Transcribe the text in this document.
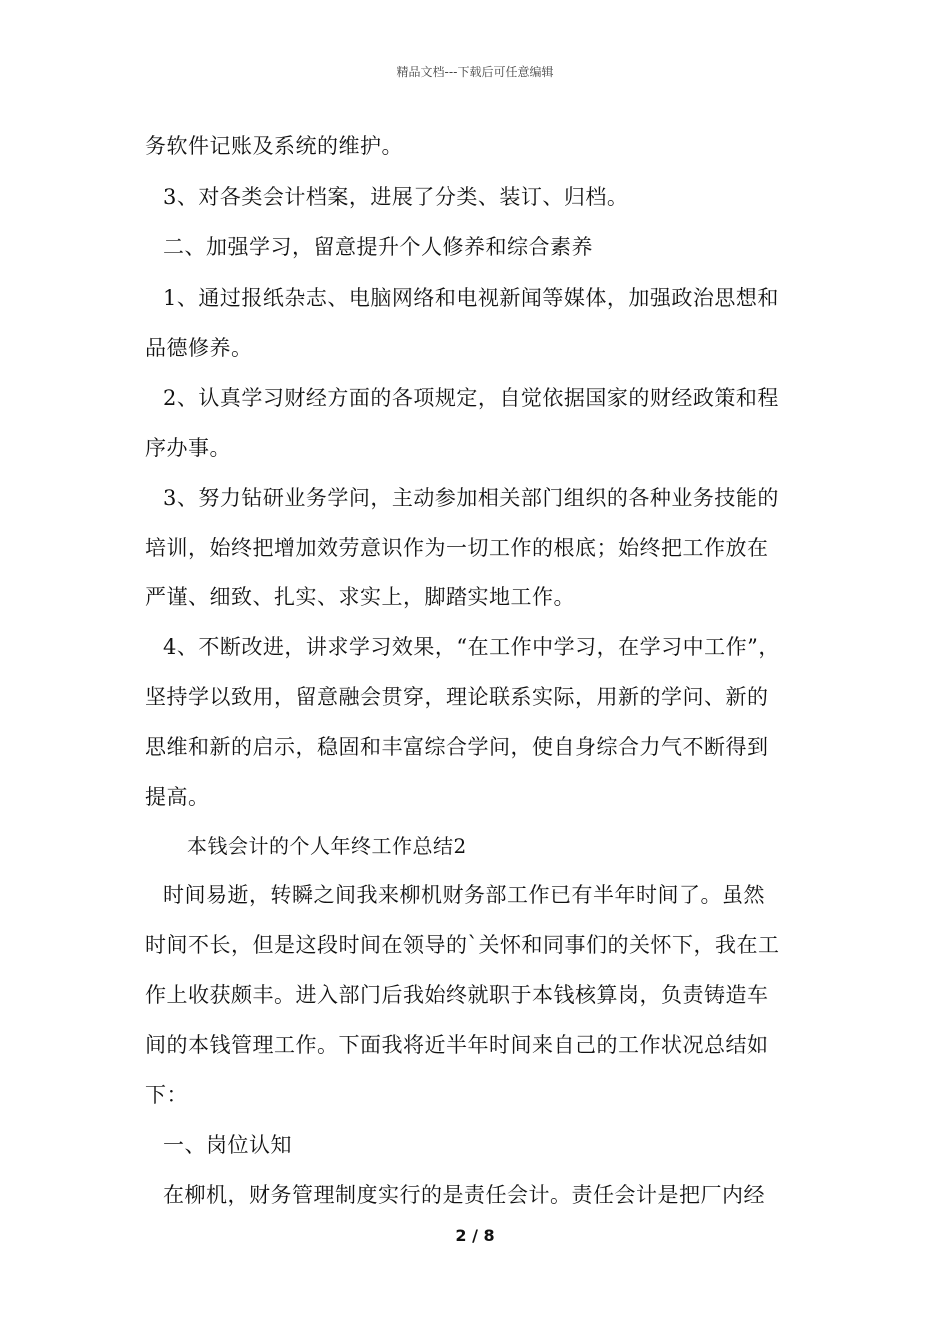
精品文档---下载后可任意编辑
务软件记账及系统的维护。
3、对各类会计档案，进展了分类、装订、归档。
二、加强学习，留意提升个人修养和综合素养
1、通过报纸杂志、电脑网络和电视新闻等媒体，加强政治思想和
品德修养。
2、认真学习财经方面的各项规定，自觉依据国家的财经政策和程
序办事。
3、努力钻研业务学问，主动参加相关部门组织的各种业务技能的
培训，始终把增加效劳意识作为一切工作的根底；始终把工作放在
严谨、细致、扎实、求实上，脚踏实地工作。
4、不断改进，讲求学习效果，“在工作中学习，在学习中工作”，
坚持学以致用，留意融会贯穿，理论联系实际，用新的学问、新的
思维和新的启示，稳固和丰富综合学问，使自身综合力气不断得到
提高。
本钱会计的个人年终工作总结2
时间易逝，转瞬之间我来柳机财务部工作已有半年时间了。虽然
时间不长，但是这段时间在领导的`关怀和同事们的关怀下，我在工
作上收获颇丰。进入部门后我始终就职于本钱核算岗，负责铸造车
间的本钱管理工作。下面我将近半年时间来自己的工作状况总结如
下：
一、岗位认知
在柳机，财务管理制度实行的是责任会计。责任会计是把厂内经
2 / 8
